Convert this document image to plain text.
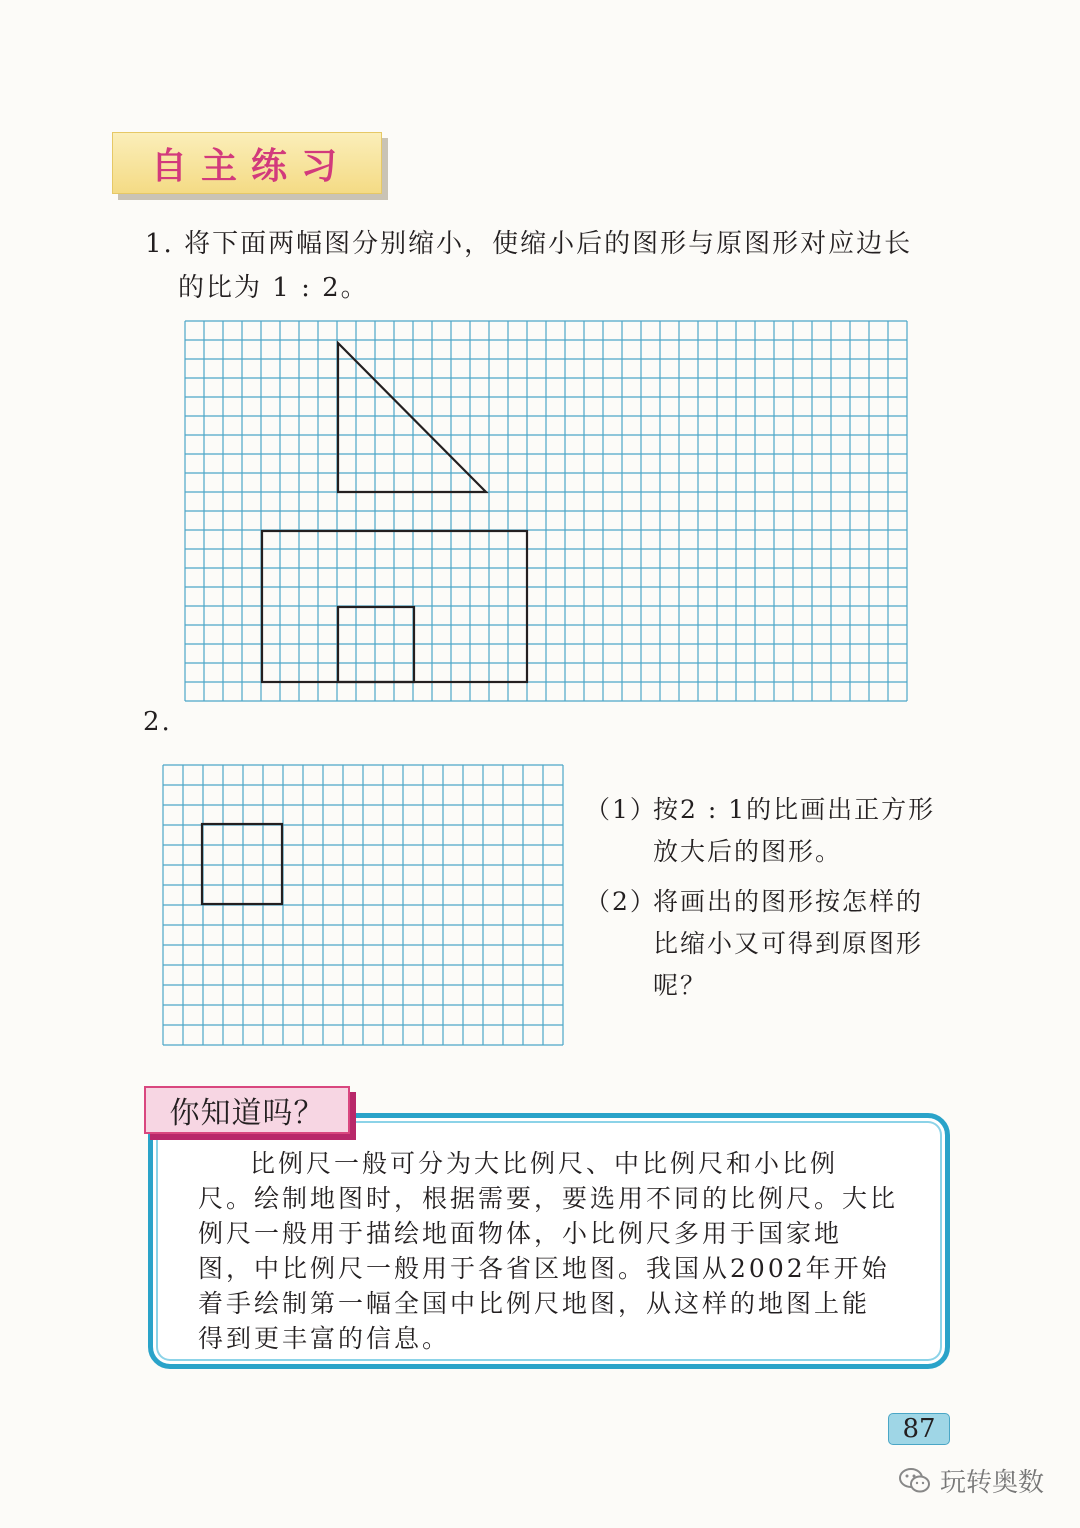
自主练习
1. 将下面两幅图分别缩小，使缩小后的图形与原图形对应边长
的比为 1 : 2。
2.
（1）
按2 : 1的比画出正方形
放大后的图形。
（2）
将画出的图形按怎样的
比缩小又可得到原图形
呢？
你知道吗？
比例尺一般可分为大比例尺、中比例尺和小比例
尺。绘制地图时，根据需要，要选用不同的比例尺。大比
例尺一般用于描绘地面物体，小比例尺多用于国家地
图，中比例尺一般用于各省区地图。我国从2002年开始
着手绘制第一幅全国中比例尺地图，从这样的地图上能
得到更丰富的信息。
87
玩转奥数
